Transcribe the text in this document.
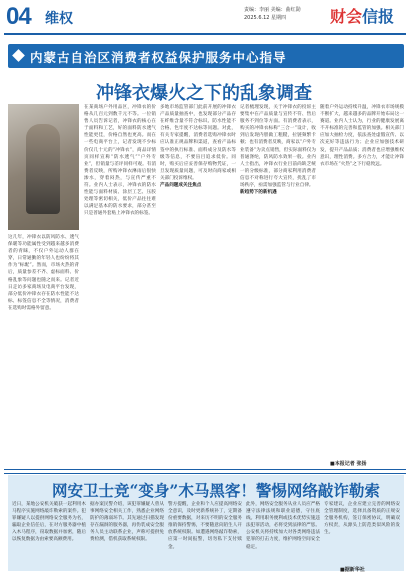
04 维权
责编：李丽 美编：曲红勋
2025.6.12 星期四	财会信报
内蒙古自治区消费者权益保护服务中心指导
冲锋衣爆火之下的乱象调查
这几年，冲锋衣以防风防水、透气保暖等功能属性受到越来越多消费者的青睐，不仅户外运动人群在穿，日常通勤的年轻人也纷纷将其作为“标配”。然而，市场火热的背后，质量参差不齐、虚标面料、价格乱象等问题也随之而来。记者近日走访多家商场及电商平台发现，部分低价冲锋衣存在防水性能不达标、标签信息不全等情况，消费者在选购时需格外留意。
在某商场户外用品区，冲锋衣的价格从几百元到数千元不等。一位销售人员告诉记者，冲锋衣的核心在于面料和工艺，好的面料防水透气性能更佳，价格自然也更高。而在一些电商平台上，记者发现不少标价仅几十元的“冲锋衣”，商品详情页同样宣称“防水透气”“户外专业”，但销量与差评同样可观。有消费者反映，所购冲锋衣淋雨后很快渗水，穿着闷热，与宣传严重不符。业内人士表示，冲锋衣的防水性能与面料材质、涂层工艺、压胶处理等密切相关，低价产品往往难以满足基本的防水要求，部分甚至只是普通外套贴上冲锋衣的标签。
多地市场监管部门此前开展的冲锋衣产品质量抽查中，也发现部分产品存在纤维含量不符合标识、防水性能不合格、色牢度不达标等问题。对此，有关专家提醒，消费者选购冲锋衣时应认准正规品牌和渠道，查看产品标签中的执行标准、面料成分及防水等级等信息，不要盲目追求低价。同时，购买后应妥善保存购物凭证，一旦发现质量问题，可及时向商家或相关部门投诉维权。
产品问题成关注焦点
记者梳理发现，关于冲锋衣的投诉主要集中在产品质量与宣传不符、售后服务不到位等方面。有消费者表示，购买的冲锋衣标称“三合一”设计，收到后发现内胆做工粗糙，拉链频繁卡顿；也有消费者反映，商家以“户外专业装备”为卖点销售，但实际面料仅为普通涤纶，防风防水效果一般。业内人士指出，冲锋衣行业目前尚缺乏统一的分级标准，部分商家利用消费者信息不对称进行夸大宣传，扰乱了市场秩序，亟需加强监管与行业自律。
新趋势下的新机遇
随着户外运动持续升温，冲锋衣市场规模不断扩大，越来越多的品牌开始布局这一赛道。业内人士认为，行业的健康发展离不开标准的完善和监管的加强。相关部门应加大抽检力度，依法查处虚假宣传、以次充好等违法行为；企业应加强技术研发，提升产品品质；消费者也应增强维权意识，理性消费。多方合力，才能让冲锋衣市场在“火热”之下行稳致远。
■本报记者 张扬
网安卫士竞“变身”木马黑客！警惕网络敲诈勒索
近日，某地公安机关破获一起利用木马程序实施网络敲诈勒索的案件。犯罪嫌疑人以提供网络安全服务为名，骗取企业信任后，在对方服务器中植入木马程序，窃取数据并加密，随后以恢复数据为由索要高额费用。
据办案民警介绍，该犯罪嫌疑人曾从事网络安全相关工作，熟悉企业网络防护的薄弱环节。其先通过扫描发现存在漏洞的服务器，再伪装成安全服务人员主动联系企业，声称可提供免费检测，借机获取系统权限。
警方提醒，企业和个人应提高网络安全意识，及时更新系统补丁，定期备份重要数据，对来历不明的安全服务推销保持警惕，不要随意向陌生人开放系统权限。如遭遇网络敲诈勒索，应第一时间报警，切勿私下支付赎金。
此外，网络安全服务从业人员应严格遵守法律法规和职业道德，守住底线。利用职务便利或技术优势实施违法犯罪活动，必将受到法律的严惩。公安机关将持续加大对各类网络违法犯罪的打击力度，维护网络空间安全稳定。
专家建议，企业应建立完善的网络安全管理制度，选择具备资质的正规安全服务机构，签订保密协议，明确双方权责，从源头上防范类似风险的发生。
■据新华社
